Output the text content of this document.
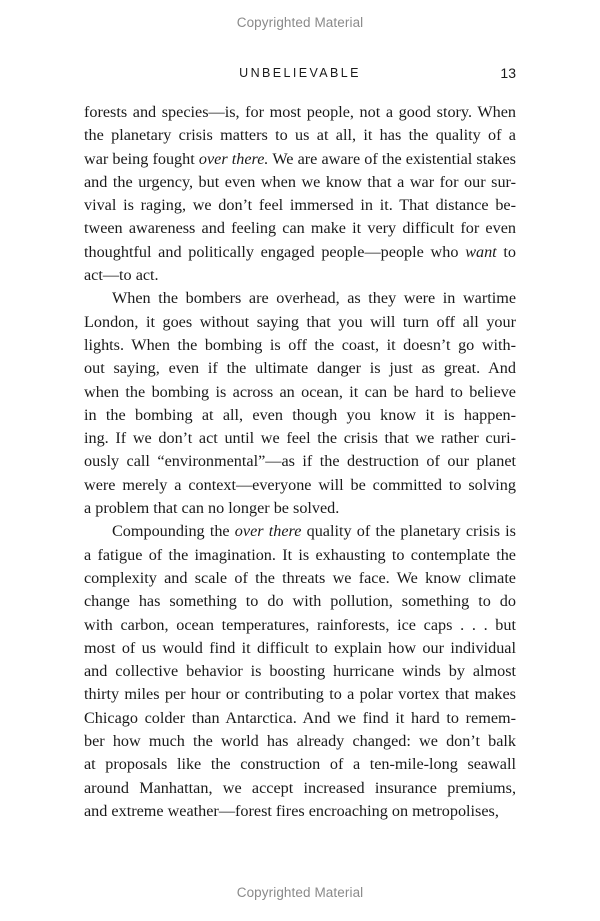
Copyrighted Material
UNBELIEVABLE	13
forests and species—is, for most people, not a good story. When
the planetary crisis matters to us at all, it has the quality of a
war being fought over there. We are aware of the existential stakes
and the urgency, but even when we know that a war for our sur-
vival is raging, we don’t feel immersed in it. That distance be-
tween awareness and feeling can make it very difficult for even
thoughtful and politically engaged people—people who want to
act—to act.
When the bombers are overhead, as they were in wartime
London, it goes without saying that you will turn off all your
lights. When the bombing is off the coast, it doesn’t go with-
out saying, even if the ultimate danger is just as great. And
when the bombing is across an ocean, it can be hard to believe
in the bombing at all, even though you know it is happen-
ing. If we don’t act until we feel the crisis that we rather curi-
ously call “environmental”—as if the destruction of our planet
were merely a context—everyone will be committed to solving
a problem that can no longer be solved.
Compounding the over there quality of the planetary crisis is
a fatigue of the imagination. It is exhausting to contemplate the
complexity and scale of the threats we face. We know climate
change has something to do with pollution, something to do
with carbon, ocean temperatures, rainforests, ice caps . . . but
most of us would find it difficult to explain how our individual
and collective behavior is boosting hurricane winds by almost
thirty miles per hour or contributing to a polar vortex that makes
Chicago colder than Antarctica. And we find it hard to remem-
ber how much the world has already changed: we don’t balk
at proposals like the construction of a ten-mile-long seawall
around Manhattan, we accept increased insurance premiums,
and extreme weather—forest fires encroaching on metropolises,
Copyrighted Material
